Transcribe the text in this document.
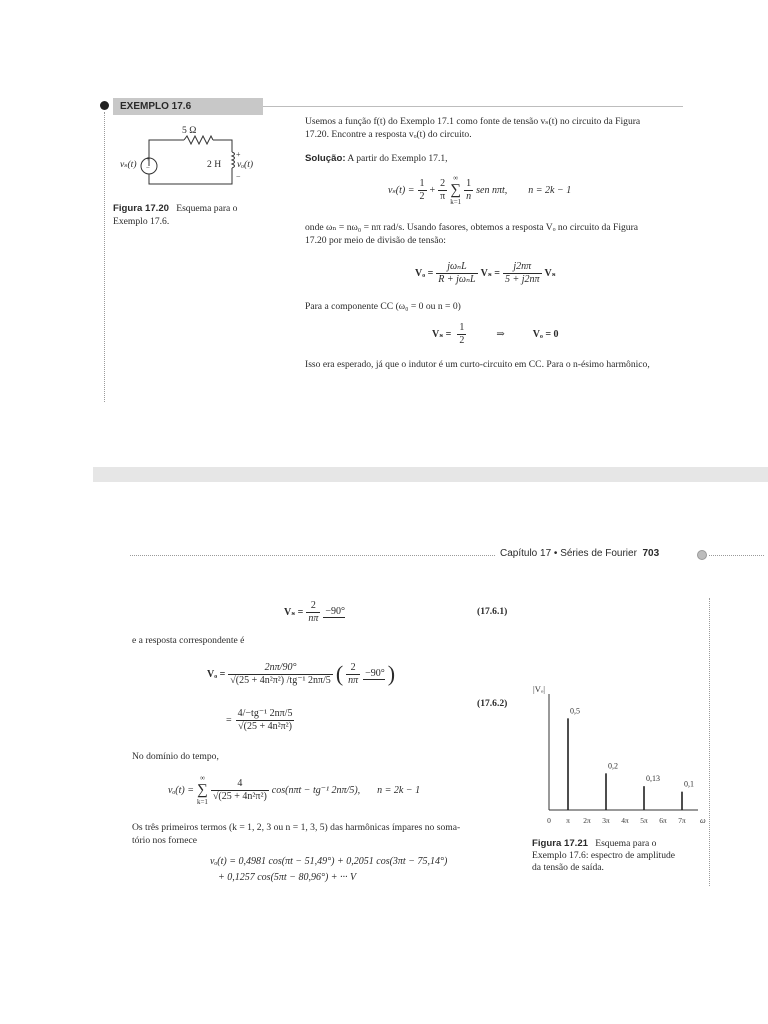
EXEMPLO 17.6
5 Ω
2 H
vₛ(t) +
−
+
vₒ(t)
−
Figura 17.20 Esquema para o
Exemplo 17.6.
Usemos a função f(t) do Exemplo 17.1 como fonte de tensão vₛ(t) no circuito da Figura
17.20. Encontre a resposta vₒ(t) do circuito.
Solução: A partir do Exemplo 17.1,
$v_s(t) = \frac{1}{2} + \frac{2}{\pi}$ ∞
∑
$k=1 \frac{1}{n}$ sen nπt, n = 2k − 1
onde ωₙ = nω₀ = nπ rad/s. Usando fasores, obtemos a resposta Vₒ no circuito da Figura
17.20 por meio de divisão de tensão:
$V_o = \frac{\text{jωₙL}}{\text{R + jωₙL}}$ $V_s = \frac{j2n\pi}{5 + j2n\pi}$ Vₛ
Para a componente CC (ω₀ = 0 ou n = 0)
$V_s = \frac{1}{2}$	⇒	Vₒ = 0
Isso era esperado, já que o indutor é um curto-circuito em CC. Para o n-ésimo harmônico,
Capítulo 17 • Séries de Fourier 703
$V_s = \frac{2}{n\pi} -90^\circ$	(17.6.1)
e a resposta correspondente é
$V_o = \frac{2n\pi/90^\circ}{\text{√(25 + 4n²π²) /tg⁻¹ 2nπ/5}}$ ( $\frac{2}{n\pi} -90^\circ$ )
(17.6.2)
= $\frac{\text{4/−tg⁻¹ 2nπ/5}}{\text{√(25 + 4n²π²)}}$
No domínio do tempo,
vₒ(t) =
∞
∑
$k=1 \frac{4}{\text{√(25 + 4n²π²)}} \cos(n\pi t - tg^{-1}$ 2nπ/5), n = 2k − 1
Os três primeiros termos (k = 1, 2, 3 ou n = 1, 3, 5) das harmônicas ímpares no soma-
tório nos fornece
vₒ(t) = 0,4981 cos(πt − 51,49°) + 0,2051 cos(3πt − 75,14°)
+ 0,1257 cos(5πt − 80,96°) + ··· V
|Vₒ|
0 π 2π 3π 4π 5π 6π 7π ω
0,5
0,2
0,13
0,1
Figura 17.21 Esquema para o
Exemplo 17.6: espectro de amplitude
da tensão de saída.
